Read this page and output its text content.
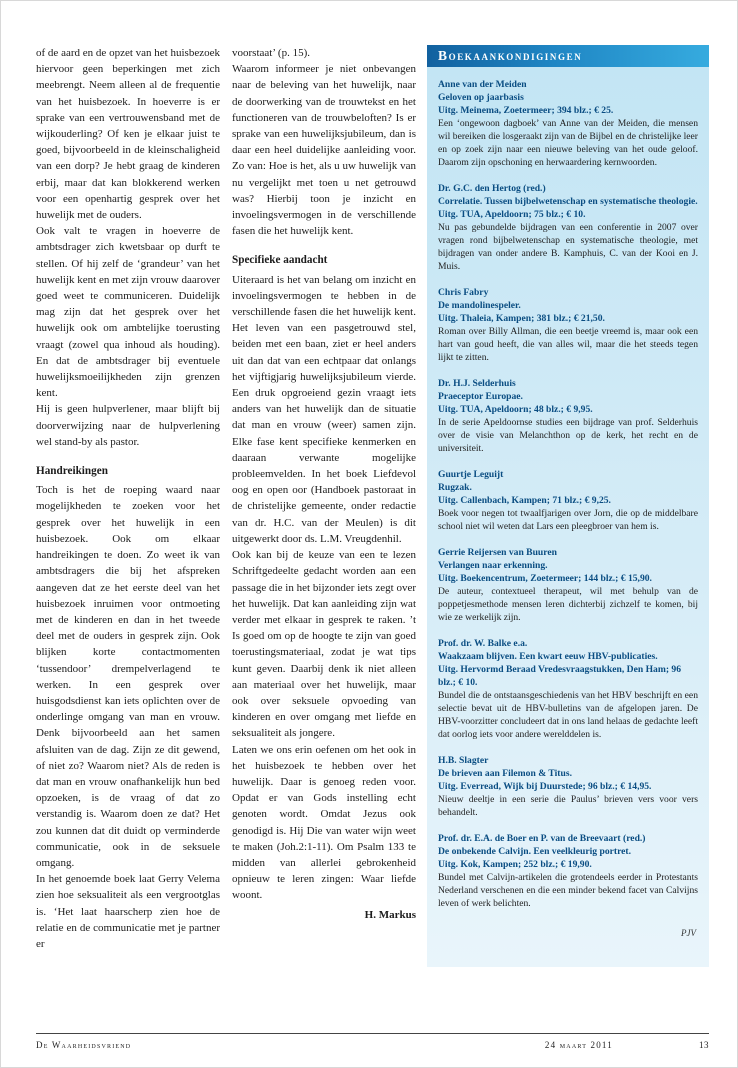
of de aard en de opzet van het huisbezoek hiervoor geen beperkingen met zich meebrengt. Neem alleen al de frequentie van het huisbezoek. In hoeverre is er sprake van een vertrouwensband met de wijkouderling? Of ken je elkaar juist te goed, bijvoorbeeld in de kleinschaligheid van een dorp? Je hebt graag de kinderen erbij, maar dat kan blokkerend werken voor een openhartig gesprek over het huwelijk met de ouders.

Ook valt te vragen in hoeverre de ambtsdrager zich kwetsbaar op durft te stellen. Of hij zelf de ‘grandeur’ van het huwelijk kent en met zijn vrouw daarover goed weet te communiceren. Duidelijk mag zijn dat het gesprek over het huwelijk ook om ambtelijke toerusting vraagt (zowel qua inhoud als houding). En dat de ambtsdrager bij eventuele huwelijksmoeilijkheden zijn grenzen kent.

Hij is geen hulpverlener, maar blijft bij doorverwijzing naar de hulpverlening wel stand-by als pastor.

Handreikingen

Toch is het de roeping waard naar mogelijkheden te zoeken voor het gesprek over het huwelijk in een huisbezoek. Ook om elkaar handreikingen te doen. Zo weet ik van ambtsdragers die bij het afspreken aangeven dat ze het eerste deel van het huisbezoek inruimen voor ontmoeting met de kinderen en dan in het tweede deel met de ouders in gesprek zijn. Ook blijken korte contactmomenten ‘tussendoor’ drempelverlagend te werken. In een gesprek over huisgodsdienst kan iets oplichten over de onderlinge omgang van man en vrouw. Denk bijvoorbeeld aan het samen afsluiten van de dag. Zijn ze dit gewend, of niet zo? Waarom niet? Als de reden is dat man en vrouw onafhankelijk hun bed opzoeken, is de vraag of dat zo verstandig is. Waarom doen ze dat? Het zou kunnen dat dit duidt op verminderde communicatie, ook in de seksuele omgang.

In het genoemde boek laat Gerry Velema zien hoe seksualiteit als een vergrootglas is. ‘Het laat haarscherp zien hoe de relatie en de communicatie met je partner er

voorstaat’ (p. 15).

Waarom informeer je niet onbevangen naar de beleving van het huwelijk, naar de doorwerking van de trouwtekst en het functioneren van de trouwbeloften? Is er sprake van een huwelijksjubileum, dan is daar een heel duidelijke aanleiding voor. Zo van: Hoe is het, als u uw huwelijk van nu vergelijkt met toen u net getrouwd was? Hierbij toon je inzicht en invoelingsvermogen in de verschillende fasen die het huwelijk kent.

Specifieke aandacht

Uiteraard is het van belang om inzicht en invoelingsvermogen te hebben in de verschillende fasen die het huwelijk kent. Het leven van een pasgetrouwd stel, beiden met een baan, ziet er heel anders uit dan dat van een echtpaar dat onlangs het vijftigjarig huwelijksjubileum vierde. Een druk opgroeiend gezin vraagt iets anders van het huwelijk dan de situatie dat man en vrouw (weer) samen zijn. Elke fase kent specifieke kenmerken en daaraan verwante mogelijke probleemvelden. In het boek Liefdevol oog en open oor (Handboek pastoraat in de christelijke gemeente, onder redactie van dr. H.C. van der Meulen) is dit uitgewerkt door ds. L.M. Vreugdenhil.

Ook kan bij de keuze van een te lezen Schriftgedeelte gedacht worden aan een passage die in het bijzonder iets zegt over het huwelijk. Dat kan aanleiding zijn wat verder met elkaar in gesprek te raken. ’t Is goed om op de hoogte te zijn van goed toerustingsmateriaal, zodat je wat tips kunt geven. Daarbij denk ik niet alleen aan materiaal over het huwelijk, maar ook over seksuele opvoeding van kinderen en over omgang met liefde en seksualiteit als jongere.

Laten we ons erin oefenen om het ook in het huisbezoek te hebben over het huwelijk. Daar is genoeg reden voor. Opdat er van Gods instelling echt genoten wordt. Omdat Jezus ook genodigd is. Hij Die van water wijn weet te maken (Joh.2:1-11). Om Psalm 133 te midden van allerlei gebrokenheid opnieuw te leren zingen: Waar liefde woont.

H. Markus

Boekaankondigingen
Anne van der Meiden
Geloven op jaarbasis
Uitg. Meinema, Zoetermeer; 394 blz.; € 25.
Een ‘ongewoon dagboek’ van Anne van der Meiden, die mensen wil bereiken die losgeraakt zijn van de Bijbel en de christelijke leer en op zoek zijn naar een nieuwe beleving van het oude geloof. Daarom zijn opschoning en herwaardering kernwoorden.
Dr. G.C. den Hertog (red.)
Correlatie. Tussen bijbelwetenschap en systematische theologie.
Uitg. TUA, Apeldoorn; 75 blz.; € 10.
Nu pas gebundelde bijdragen van een conferentie in 2007 over vragen rond bijbelwetenschap en systematische theologie, met bijdragen van onder andere B. Kamphuis, C. van der Kooi en J. Muis.
Chris Fabry
De mandolinespeler.
Uitg. Thaleia, Kampen; 381 blz.; € 21,50.
Roman over Billy Allman, die een beetje vreemd is, maar ook een hart van goud heeft, die van alles wil, maar die het steeds tegen lijkt te zitten.
Dr. H.J. Selderhuis
Praeceptor Europae.
Uitg. TUA, Apeldoorn; 48 blz.; € 9,95.
In de serie Apeldoornse studies een bijdrage van prof. Selderhuis over de visie van Melanchthon op de kerk, het recht en de universiteit.
Guurtje Leguijt
Rugzak.
Uitg. Callenbach, Kampen; 71 blz.; € 9,25.
Boek voor negen tot twaalfjarigen over Jorn, die op de middelbare school niet wil weten dat Lars een pleegbroer van hem is.
Gerrie Reijersen van Buuren
Verlangen naar erkenning.
Uitg. Boekencentrum, Zoetermeer; 144 blz.; € 15,90.
De auteur, contextueel therapeut, wil met behulp van de poppetjesmethode mensen leren dichterbij zichzelf te komen, bij wie ze werkelijk zijn.
Prof. dr. W. Balke e.a.
Waakzaam blijven. Een kwart eeuw HBV-publicaties.
Uitg. Hervormd Beraad Vredesvraagstukken, Den Ham; 96 blz.; € 10.
Bundel die de ontstaansgeschiedenis van het HBV beschrijft en een selectie bevat uit de HBV-bulletins van de afgelopen jaren. De HBV-voorzitter concludeert dat in ons land helaas de gedachte leeft dat oorlog iets voor andere werelddelen is.
H.B. Slagter
De brieven aan Filemon & Titus.
Uitg. Everread, Wijk bij Duurstede; 96 blz.; € 14,95.
Nieuw deeltje in een serie die Paulus’ brieven vers voor vers behandelt.
Prof. dr. E.A. de Boer en P. van de Breevaart (red.)
De onbekende Calvijn. Een veelkleurig portret.
Uitg. Kok, Kampen; 252 blz.; € 19,90.
Bundel met Calvijn-artikelen die grotendeels eerder in Protestants Nederland verschenen en die een minder bekend facet van Calvijns leven of werk belichten.
PJV
De Waarheidsvriend	24 maart 2011	13
